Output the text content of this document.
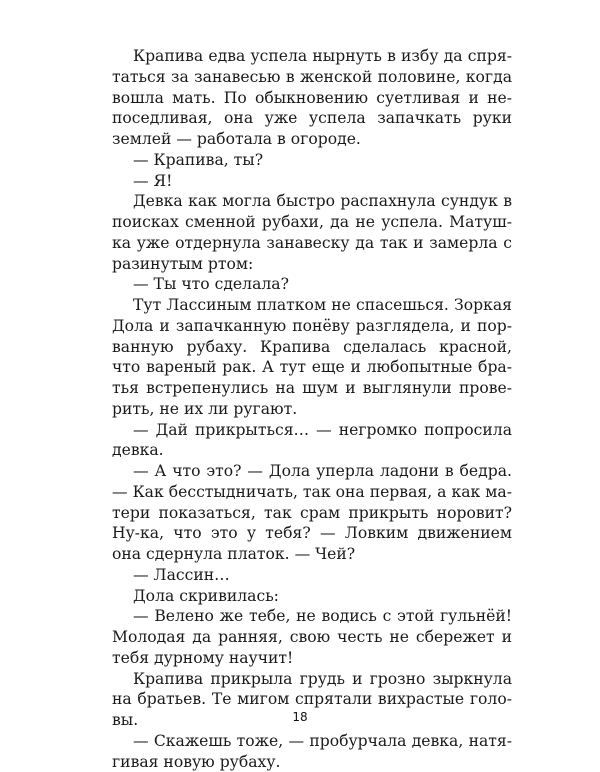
Крапива едва успела нырнуть в избу да спрятаться за занавесью в женской половине, когда вошла мать. По обыкновению суетливая и непоседливая, она уже успела запачкать руки землей — работала в огороде.

— Крапива, ты?

— Я!

Девка как могла быстро распахнула сундук в поисках сменной рубахи, да не успела. Матушка уже отдернула занавеску да так и замерла с разинутым ртом:

— Ты что сделала?

Тут Лассиным платком не спасешься. Зоркая Дола и запачканную понёву разглядела, и порванную рубаху. Крапива сделалась красной, что вареный рак. А тут еще и любопытные братья встрепенулись на шум и выглянули проверить, не их ли ругают.

— Дай прикрыться… — негромко попросила девка.

— А что это? — Дола уперла ладони в бедра. — Как бесстыдничать, так она первая, а как матери показаться, так срам прикрыть норовит? Ну-ка, что это у тебя? — Ловким движением она сдернула платок. — Чей?

— Лассин…

Дола скривилась:

— Велено же тебе, не водись с этой гульнёй! Молодая да ранняя, свою честь не сбережет и тебя дурному научит!

Крапива прикрыла грудь и грозно зыркнула на братьев. Те мигом спрятали вихрастые головы.

— Скажешь тоже, — пробурчала девка, натягивая новую рубаху.

18
